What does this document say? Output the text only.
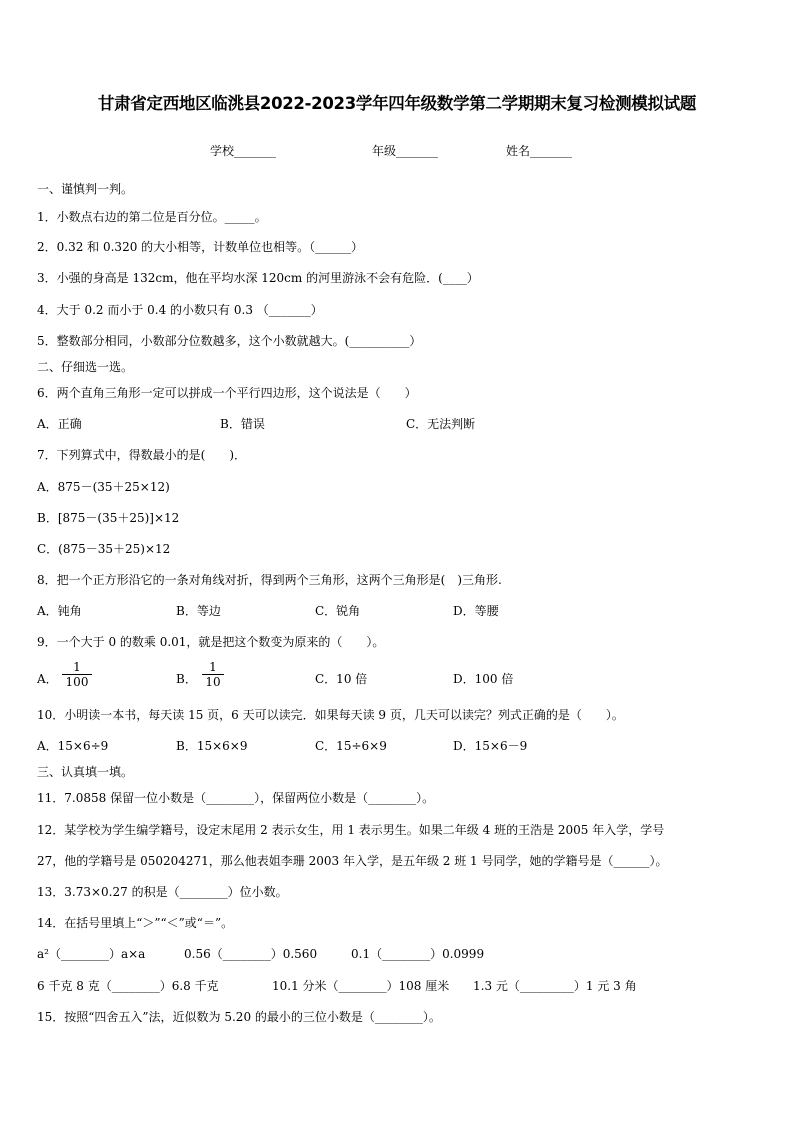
甘肃省定西地区临洮县2022-2023学年四年级数学第二学期期末复习检测模拟试题
学校_______	年级_______	姓名_______
一、谨慎判一判。
1．小数点右边的第二位是百分位。_____。
2．0.32 和 0.320 的大小相等，计数单位也相等。（______）
3．小强的身高是 132cm，他在平均水深 120cm 的河里游泳不会有危险．(____）
4．大于 0.2 而小于 0.4 的小数只有 0.3 （_______）
5．整数部分相同，小数部分位数越多，这个小数就越大。(__________）
二、仔细选一选。
6．两个直角三角形一定可以拼成一个平行四边形，这个说法是（　　）
A．正确	B．错误	C．无法判断
7．下列算式中，得数最小的是(　　)．
A．875－(35＋25×12)
B．[875－(35＋25)]×12
C．(875－35＋25)×12
8．把一个正方形沿它的一条对角线对折，得到两个三角形，这两个三角形是(　)三角形.
A．钝角	B．等边	C．锐角	D．等腰
9．一个大于 0 的数乘 0.01，就是把这个数变为原来的（　　）。
A．
1
100	B．
1
10	C．10 倍	D．100 倍
10．小明读一本书，每天读 15 页，6 天可以读完．如果每天读 9 页，几天可以读完？列式正确的是（　　）。
A．15×6÷9	B．15×6×9	C．15÷6×9	D．15×6－9
三、认真填一填。
11．7.0858 保留一位小数是（________），保留两位小数是（________）。
12．某学校为学生编学籍号，设定末尾用 2 表示女生，用 1 表示男生。如果二年级 4 班的王浩是 2005 年入学，学号
27，他的学籍号是 050204271，那么他表姐李珊 2003 年入学，是五年级 2 班 1 号同学，她的学籍号是（______）。
13．3.73×0.27 的积是（________）位小数。
14．在括号里填上“＞”“＜”或“＝”。
a²（________）a×a	0.56（________）0.560	0.1（________）0.0999
6 千克 8 克（________）6.8 千克	10.1 分米（________）108 厘米 1.3 元（_________）1 元 3 角
15．按照“四舍五入”法，近似数为 5.20 的最小的三位小数是（________）。
